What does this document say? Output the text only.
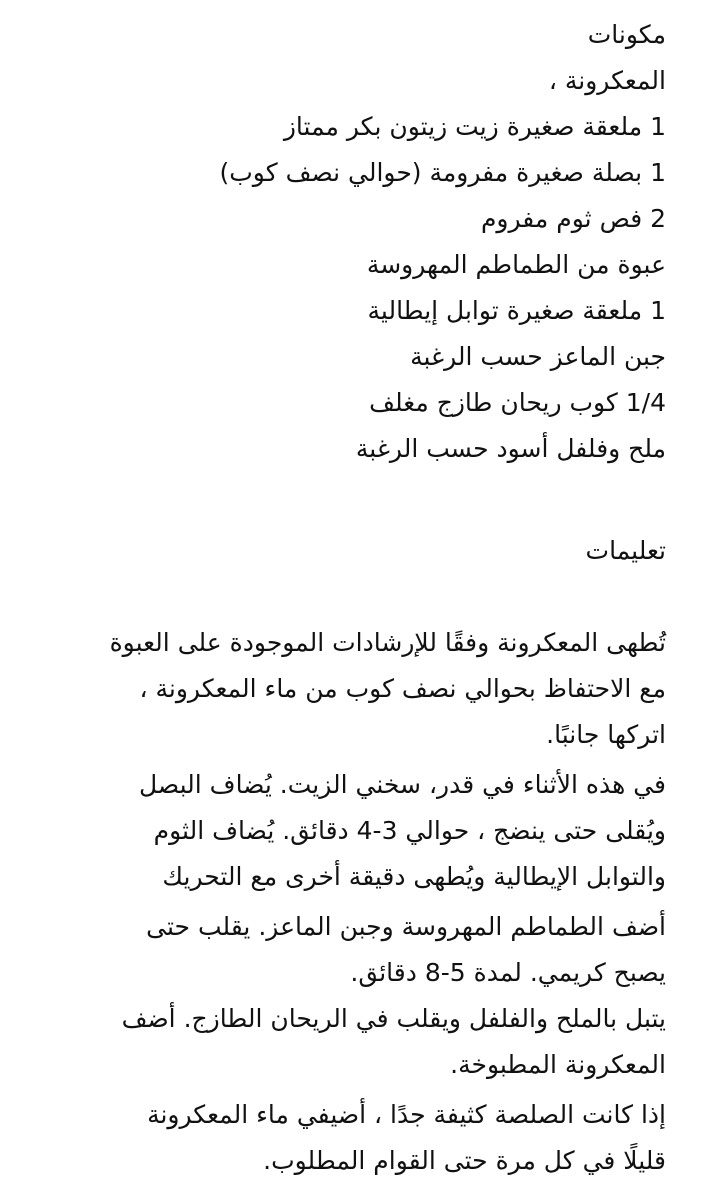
مكونات
المعكرونة ،
1 ملعقة صغيرة زيت زيتون بكر ممتاز
1 بصلة صغيرة مفرومة (حوالي نصف كوب)
2 فص ثوم مفروم
عبوة من الطماطم المهروسة
1 ملعقة صغيرة توابل إيطالية
جبن الماعز حسب الرغبة
1/4 كوب ريحان طازج مغلف
ملح وفلفل أسود حسب الرغبة
تعليمات
تُطهى المعكرونة وفقًا للإرشادات الموجودة على العبوة
مع الاحتفاظ بحوالي نصف كوب من ماء المعكرونة ،
اتركها جانبًا.
في هذه الأثناء في قدر، سخني الزيت. يُضاف البصل
ويُقلى حتى ينضج ، حوالي 3-4 دقائق. يُضاف الثوم
والتوابل الإيطالية ويُطهى دقيقة أخرى مع التحريك
أضف الطماطم المهروسة وجبن الماعز. يقلب حتى
يصبح كريمي. لمدة 5-8 دقائق.
يتبل بالملح والفلفل ويقلب في الريحان الطازج. أضف
المعكرونة المطبوخة.
إذا كانت الصلصة كثيفة جدًا ، أضيفي ماء المعكرونة
قليلًا في كل مرة حتى القوام المطلوب.
